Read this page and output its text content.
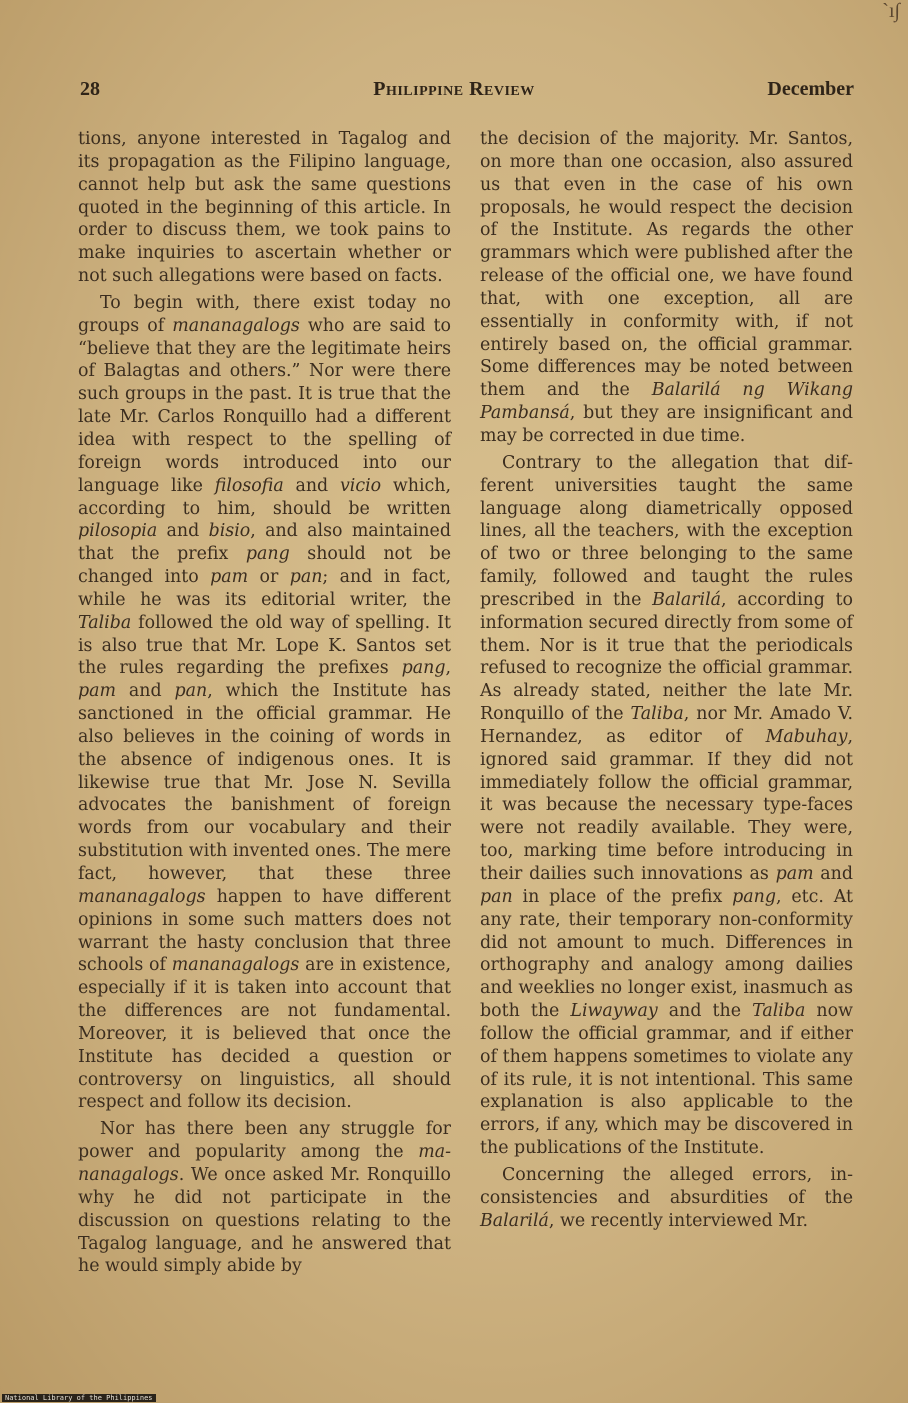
ˋı∫
28	Philippine Review	December

tions, anyone interested in Tagalog and its propagation as the Filipino language, cannot help but ask the same questions quoted in the beginning of this article. In order to discuss them, we took pains to make inquiries to ascertain whether or not such allegations were based on facts.

To begin with, there exist today no groups of mananagalogs who are said to “believe that they are the legitimate heirs of Balagtas and others.” Nor were there such groups in the past. It is true that the late Mr. Carlos Ronquillo had a different idea with respect to the spelling of foreign words introduced into our language like filosofia and vicio which, according to him, should be written pilosopia and bisio, and also maintained that the prefix pang should not be changed into pam or pan; and in fact, while he was its editorial writer, the Taliba followed the old way of spelling. It is also true that Mr. Lope K. Santos set the rules regarding the prefixes pang, pam and pan, which the Institute has sanctioned in the official grammar. He also believes in the coining of words in the absence of indigenous ones. It is likewise true that Mr. Jose N. Sevilla advocates the banishment of foreign words from our vocabulary and their substitution with invented ones. The mere fact, however, that these three mananagalogs happen to have different opinions in some such matters does not warrant the hasty conclusion that three schools of mananagalogs are in existence, especially if it is taken into account that the differences are not fundamental. Moreover, it is believed that once the Institute has decided a question or controversy on linguistics, all should respect and follow its decision.

Nor has there been any struggle for power and popularity among the mananagalogs. We once asked Mr. Ronquillo why he did not participate in the discussion on questions relating to the Tagalog language, and he answered that he would simply abide by

the decision of the majority. Mr. Santos, on more than one occasion, also assured us that even in the case of his own proposals, he would respect the decision of the Institute. As regards the other grammars which were published after the release of the official one, we have found that, with one exception, all are essentially in conformity with, if not entirely based on, the official grammar. Some differences may be noted between them and the Balarilá ng Wikang Pambansá, but they are insignificant and may be corrected in due time.

Contrary to the allegation that different universities taught the same language along diametrically opposed lines, all the teachers, with the exception of two or three belonging to the same family, followed and taught the rules prescribed in the Balarilá, according to information secured directly from some of them. Nor is it true that the periodicals refused to recognize the official grammar. As already stated, neither the late Mr. Ronquillo of the Taliba, nor Mr. Amado V. Hernandez, as editor of Mabuhay, ignored said grammar. If they did not immediately follow the official grammar, it was because the necessary type-faces were not readily available. They were, too, marking time before introducing in their dailies such innovations as pam and pan in place of the prefix pang, etc. At any rate, their temporary non-conformity did not amount to much. Differences in orthography and analogy among dailies and weeklies no longer exist, inasmuch as both the Liwayway and the Taliba now follow the official grammar, and if either of them happens sometimes to violate any of its rule, it is not intentional. This same explanation is also applicable to the errors, if any, which may be discovered in the publications of the Institute.

Concerning the alleged errors, inconsistencies and absurdities of the Balarilá, we recently interviewed Mr.

National Library of the Philippines
